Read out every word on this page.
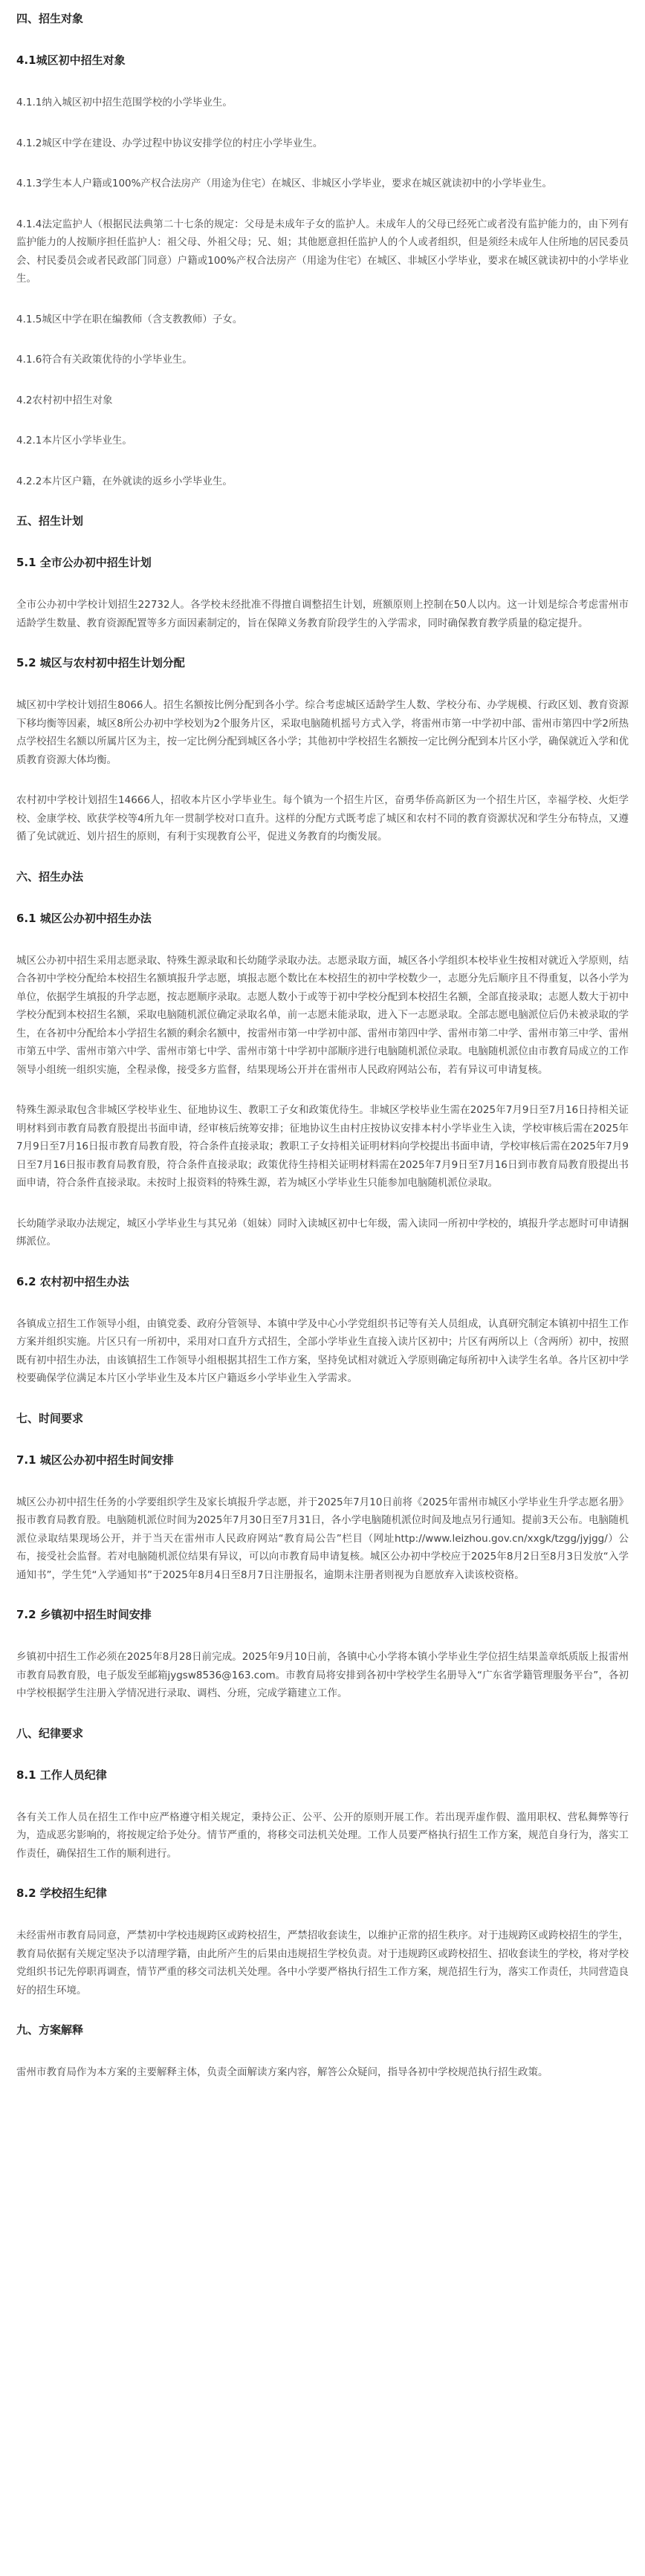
四、招生对象
4.1城区初中招生对象
4.1.1纳入城区初中招生范围学校的小学毕业生。
4.1.2城区中学在建设、办学过程中协议安排学位的村庄小学毕业生。
4.1.3学生本人户籍或100%产权合法房产（用途为住宅）在城区、非城区小学毕业，要求在城区就读初中的小学毕业生。
4.1.4法定监护人（根据民法典第二十七条的规定：父母是未成年子女的监护人。未成年人的父母已经死亡或者没有监护能力的，由下列有监护能力的人按顺序担任监护人：祖父母、外祖父母；兄、姐；其他愿意担任监护人的个人或者组织，但是须经未成年人住所地的居民委员会、村民委员会或者民政部门同意）户籍或100%产权合法房产（用途为住宅）在城区、非城区小学毕业，要求在城区就读初中的小学毕业生。
4.1.5城区中学在职在编教师（含支教教师）子女。
4.1.6符合有关政策优待的小学毕业生。
4.2农村初中招生对象
4.2.1本片区小学毕业生。
4.2.2本片区户籍，在外就读的返乡小学毕业生。
五、招生计划
5.1 全市公办初中招生计划
全市公办初中学校计划招生22732人。各学校未经批准不得擅自调整招生计划，班额原则上控制在50人以内。这一计划是综合考虑雷州市适龄学生数量、教育资源配置等多方面因素制定的，旨在保障义务教育阶段学生的入学需求，同时确保教育教学质量的稳定提升。
5.2 城区与农村初中招生计划分配
城区初中学校计划招生8066人。招生名额按比例分配到各小学。综合考虑城区适龄学生人数、学校分布、办学规模、行政区划、教育资源下移均衡等因素，城区8所公办初中学校划为2个服务片区，采取电脑随机摇号方式入学，将雷州市第一中学初中部、雷州市第四中学2所热点学校招生名额以所属片区为主，按一定比例分配到城区各小学；其他初中学校招生名额按一定比例分配到本片区小学，确保就近入学和优质教育资源大体均衡。
农村初中学校计划招生14666人，招收本片区小学毕业生。每个镇为一个招生片区，奋勇华侨高新区为一个招生片区，幸福学校、火炬学校、金康学校、欧获学校等4所九年一贯制学校对口直升。这样的分配方式既考虑了城区和农村不同的教育资源状况和学生分布特点，又遵循了免试就近、划片招生的原则，有利于实现教育公平，促进义务教育的均衡发展。
六、招生办法
6.1 城区公办初中招生办法
城区公办初中招生采用志愿录取、特殊生源录取和长幼随学录取办法。志愿录取方面，城区各小学组织本校毕业生按相对就近入学原则，结合各初中学校分配给本校招生名额填报升学志愿，填报志愿个数比在本校招生的初中学校数少一，志愿分先后顺序且不得重复，以各小学为单位，依据学生填报的升学志愿，按志愿顺序录取。志愿人数小于或等于初中学校分配到本校招生名额，全部直接录取；志愿人数大于初中学校分配到本校招生名额，采取电脑随机派位确定录取名单，前一志愿未能录取，进入下一志愿录取。全部志愿电脑派位后仍未被录取的学生，在各初中分配给本小学招生名额的剩余名额中，按雷州市第一中学初中部、雷州市第四中学、雷州市第二中学、雷州市第三中学、雷州市第五中学、雷州市第六中学、雷州市第七中学、雷州市第十中学初中部顺序进行电脑随机派位录取。电脑随机派位由市教育局成立的工作领导小组统一组织实施，全程录像，接受多方监督，结果现场公开并在雷州市人民政府网站公布，若有异议可申请复核。
特殊生源录取包含非城区学校毕业生、征地协议生、教职工子女和政策优待生。非城区学校毕业生需在2025年7月9日至7月16日持相关证明材料到市教育局教育股提出书面申请，经审核后统筹安排；征地协议生由村庄按协议安排本村小学毕业生入读，学校审核后需在2025年7月9日至7月16日报市教育局教育股，符合条件直接录取；教职工子女持相关证明材料向学校提出书面申请，学校审核后需在2025年7月9日至7月16日报市教育局教育股，符合条件直接录取；政策优待生持相关证明材料需在2025年7月9日至7月16日到市教育局教育股提出书面申请，符合条件直接录取。未按时上报资料的特殊生源，若为城区小学毕业生只能参加电脑随机派位录取。
长幼随学录取办法规定，城区小学毕业生与其兄弟（姐妹）同时入读城区初中七年级，需入读同一所初中学校的，填报升学志愿时可申请捆绑派位。
6.2 农村初中招生办法
各镇成立招生工作领导小组，由镇党委、政府分管领导、本镇中学及中心小学党组织书记等有关人员组成，认真研究制定本镇初中招生工作方案并组织实施。片区只有一所初中，采用对口直升方式招生，全部小学毕业生直接入读片区初中；片区有两所以上（含两所）初中，按照既有初中招生办法，由该镇招生工作领导小组根据其招生工作方案，坚持免试相对就近入学原则确定每所初中入读学生名单。各片区初中学校要确保学位满足本片区小学毕业生及本片区户籍返乡小学毕业生入学需求。
七、时间要求
7.1 城区公办初中招生时间安排
城区公办初中招生任务的小学要组织学生及家长填报升学志愿，并于2025年7月10日前将《2025年雷州市城区小学毕业生升学志愿名册》报市教育局教育股。电脑随机派位时间为2025年7月30日至7月31日，各小学电脑随机派位时间及地点另行通知。提前3天公布。电脑随机派位录取结果现场公开，并于当天在雷州市人民政府网站“教育局公告”栏目（网址http://www.leizhou.gov.cn/xxgk/tzgg/jyjgg/）公布，接受社会监督。若对电脑随机派位结果有异议，可以向市教育局申请复核。城区公办初中学校应于2025年8月2日至8月3日发放“入学通知书”，学生凭“入学通知书”于2025年8月4日至8月7日注册报名，逾期未注册者则视为自愿放弃入读该校资格。
7.2 乡镇初中招生时间安排
乡镇初中招生工作必须在2025年8月28日前完成。2025年9月10日前，各镇中心小学将本镇小学毕业生学位招生结果盖章纸质版上报雷州市教育局教育股，电子版发至邮箱jygsw8536@163.com。市教育局将安排到各初中学校学生名册导入“广东省学籍管理服务平台”，各初中学校根据学生注册入学情况进行录取、调档、分班，完成学籍建立工作。
八、纪律要求
8.1 工作人员纪律
各有关工作人员在招生工作中应严格遵守相关规定，秉持公正、公平、公开的原则开展工作。若出现弄虚作假、滥用职权、营私舞弊等行为，造成恶劣影响的，将按规定给予处分。情节严重的，将移交司法机关处理。工作人员要严格执行招生工作方案，规范自身行为，落实工作责任，确保招生工作的顺利进行。
8.2 学校招生纪律
未经雷州市教育局同意，严禁初中学校违规跨区或跨校招生，严禁招收套读生，以维护正常的招生秩序。对于违规跨区或跨校招生的学生，教育局依据有关规定坚决予以清理学籍，由此所产生的后果由违规招生学校负责。对于违规跨区或跨校招生、招收套读生的学校，将对学校党组织书记先停职再调查，情节严重的移交司法机关处理。各中小学要严格执行招生工作方案，规范招生行为，落实工作责任，共同营造良好的招生环境。
九、方案解释
雷州市教育局作为本方案的主要解释主体，负责全面解读方案内容，解答公众疑问，指导各初中学校规范执行招生政策。
